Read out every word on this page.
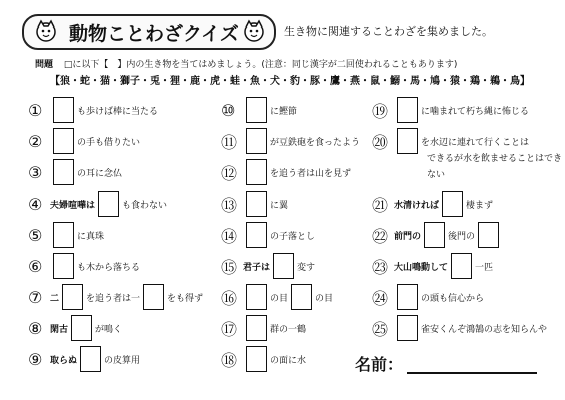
動物ことわざクイズ	生き物に関連することわざを集めました。
問題 □に以下【　】内の生き物を当てはめましょう。(注意：同じ漢字が二回使われることもあります)
【狼・蛇・猫・獅子・兎・狸・鹿・虎・蛙・魚・犬・豹・豚・鷹・燕・鼠・鰯・馬・鳩・猿・鶏・鵜・鳥】
①	も歩けば棒に当たる
②	の手も借りたい
③	の耳に念仏
④ 夫婦喧嘩は	も食わない
⑤	に真珠
⑥	も木から落ちる
⑦ 二	を追う者は一	をも得ず
⑧ 閑古	が鳴く
⑨ 取らぬ	の皮算用
⑩	に鰹節
⑪	が豆鉄砲を食ったよう
⑫	を追う者は山を見ず
⑬	に翼
⑭	の子落とし
⑮ 君子は	変す
⑯	の目	の目
⑰	群の一鶴
⑱	の面に水
⑲	に噛まれて朽ち縄に怖じる
⑳	を水辺に連れて行くことは
できるが水を飲ませることはできない
㉑ 水清ければ	棲まず
㉒ 前門の	後門の
㉓ 大山鳴動して	一匹
㉔	の頭も信心から
㉕	雀安くんぞ鴻鵠の志を知らんや
名前：
